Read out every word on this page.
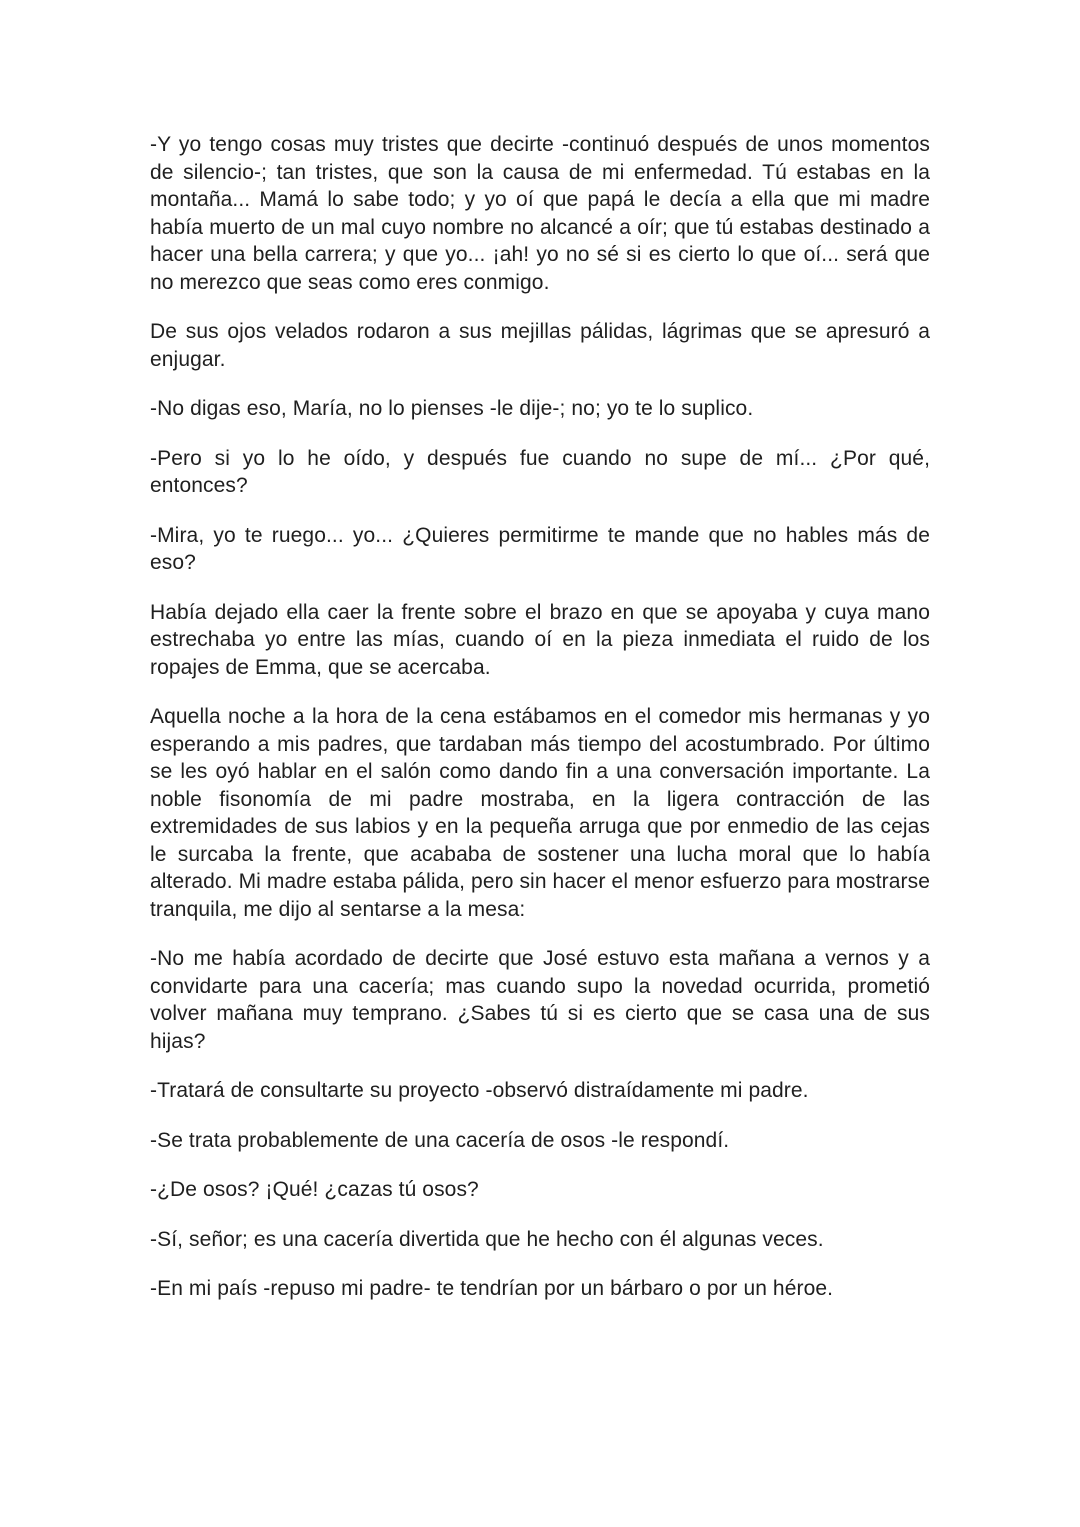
-Y yo tengo cosas muy tristes que decirte -continuó después de unos momentos de silencio-; tan tristes, que son la causa de mi enfermedad. Tú estabas en la montaña... Mamá lo sabe todo; y yo oí que papá le decía a ella que mi madre había muerto de un mal cuyo nombre no alcancé a oír; que tú estabas destinado a hacer una bella carrera; y que yo... ¡ah! yo no sé si es cierto lo que oí... será que no merezco que seas como eres conmigo.

De sus ojos velados rodaron a sus mejillas pálidas, lágrimas que se apresuró a enjugar.

-No digas eso, María, no lo pienses -le dije-; no; yo te lo suplico.

-Pero si yo lo he oído, y después fue cuando no supe de mí... ¿Por qué, entonces?

-Mira, yo te ruego... yo... ¿Quieres permitirme te mande que no hables más de eso?

Había dejado ella caer la frente sobre el brazo en que se apoyaba y cuya mano estrechaba yo entre las mías, cuando oí en la pieza inmediata el ruido de los ropajes de Emma, que se acercaba.

Aquella noche a la hora de la cena estábamos en el comedor mis hermanas y yo esperando a mis padres, que tardaban más tiempo del acostumbrado. Por último se les oyó hablar en el salón como dando fin a una conversación importante. La noble fisonomía de mi padre mostraba, en la ligera contracción de las extremidades de sus labios y en la pequeña arruga que por enmedio de las cejas le surcaba la frente, que acababa de sostener una lucha moral que lo había alterado. Mi madre estaba pálida, pero sin hacer el menor esfuerzo para mostrarse tranquila, me dijo al sentarse a la mesa:

-No me había acordado de decirte que José estuvo esta mañana a vernos y a convidarte para una cacería; mas cuando supo la novedad ocurrida, prometió volver mañana muy temprano. ¿Sabes tú si es cierto que se casa una de sus hijas?

-Tratará de consultarte su proyecto -observó distraídamente mi padre.

-Se trata probablemente de una cacería de osos -le respondí.

-¿De osos? ¡Qué! ¿cazas tú osos?

-Sí, señor; es una cacería divertida que he hecho con él algunas veces.

-En mi país -repuso mi padre- te tendrían por un bárbaro o por un héroe.
